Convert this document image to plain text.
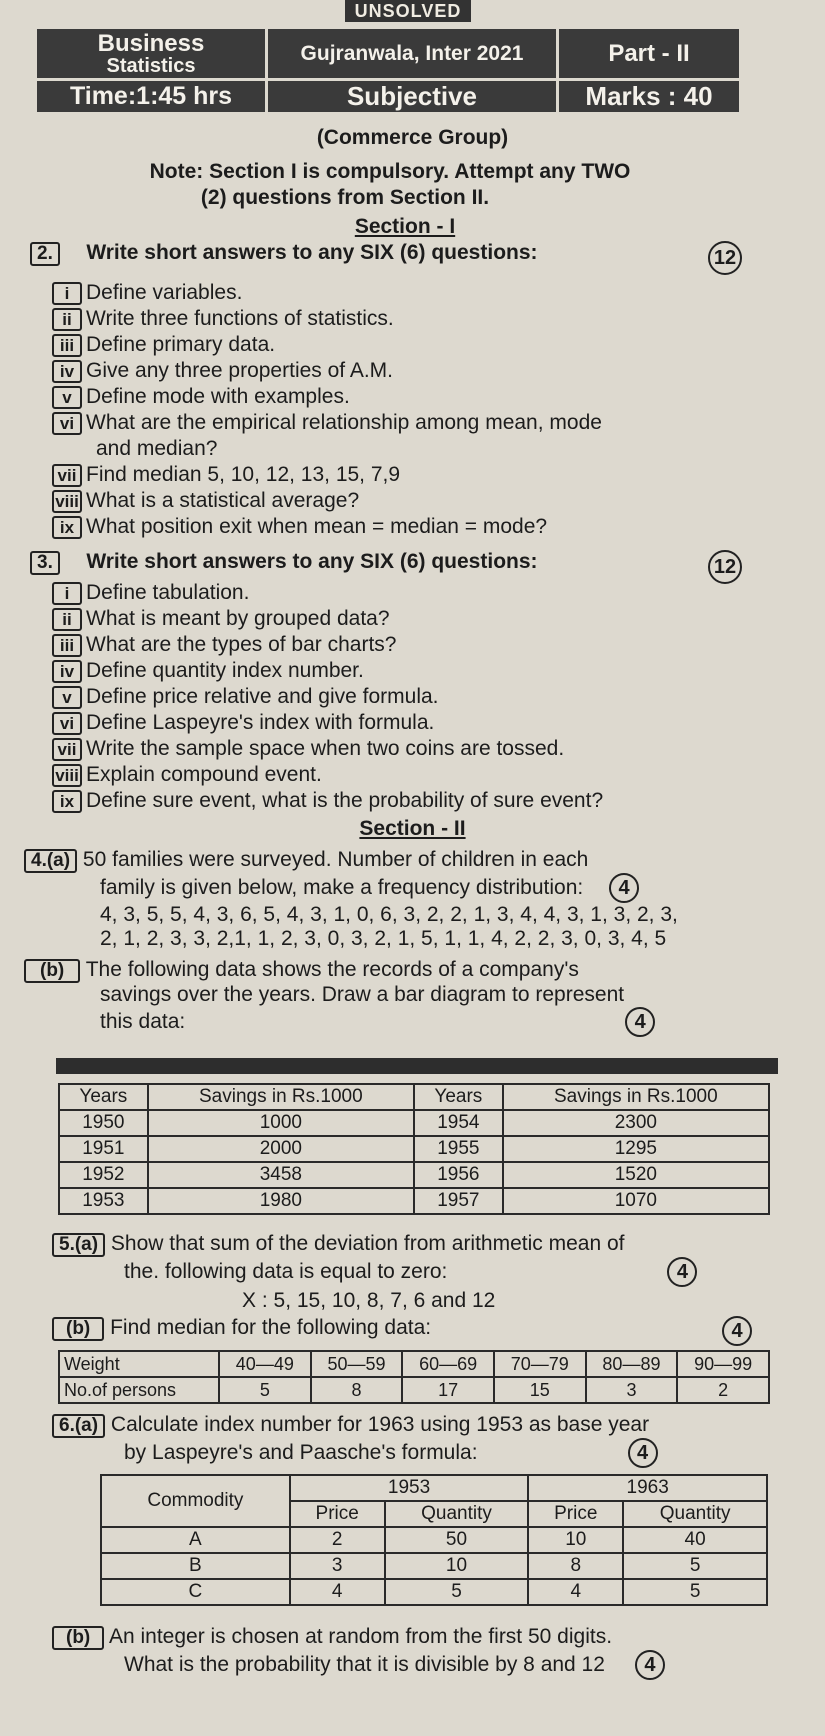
UNSOLVED
Business
Statistics	Gujranwala, Inter 2021	Part - II
Time:1:45 hrs	Subjective	Marks : 40
(Commerce Group)
Note: Section I is compulsory. Attempt any TWO
(2) questions from Section II.
Section - I
2. Write short answers to any SIX (6) questions:	12
i Define variables.
ii Write three functions of statistics.
iii Define primary data.
iv Give any three properties of A.M.
v Define mode with examples.
vi What are the empirical relationship among mean, mode
and median?
vii Find median 5, 10, 12, 13, 15, 7,9
viii What is a statistical average?
ix What position exit when mean = median = mode?
3. Write short answers to any SIX (6) questions:	12
i Define tabulation.
ii What is meant by grouped data?
iii What are the types of bar charts?
iv Define quantity index number.
v Define price relative and give formula.
vi Define Laspeyre's index with formula.
vii Write the sample space when two coins are tossed.
viii Explain compound event.
ix Define sure event, what is the probability of sure event?
Section - II
4.(a) 50 families were surveyed. Number of children in each
family is given below, make a frequency distribution: 4
4, 3, 5, 5, 4, 3, 6, 5, 4, 3, 1, 0, 6, 3, 2, 2, 1, 3, 4, 4, 3, 1, 3, 2, 3,
2, 1, 2, 3, 3, 2,1, 1, 2, 3, 0, 3, 2, 1, 5, 1, 1, 4, 2, 2, 3, 0, 3, 4, 5
(b) The following data shows the records of a company's
savings over the years. Draw a bar diagram to represent
this data:	4
Years	Savings in Rs.1000	Years	Savings in Rs.1000
1950	1000	1954	2300
1951	2000	1955	1295
1952	3458	1956	1520
1953	1980	1957	1070
5.(a) Show that sum of the deviation from arithmetic mean of
the. following data is equal to zero:	4
X : 5, 15, 10, 8, 7, 6 and 12
(b) Find median for the following data:	4
Weight	40—49	50—59	60—69	70—79	80—89	90—99
No.of persons	5	8	17	15	3	2
6.(a) Calculate index number for 1963 using 1953 as base year
by Laspeyre's and Paasche's formula:	4
Commodity	1953		1963	
	Price	Quantity	Price	Quantity
A	2	50	10	40
B	3	10	8	5
C	4	5	4	5
(b) An integer is chosen at random from the first 50 digits.
What is the probability that it is divisible by 8 and 12 4
